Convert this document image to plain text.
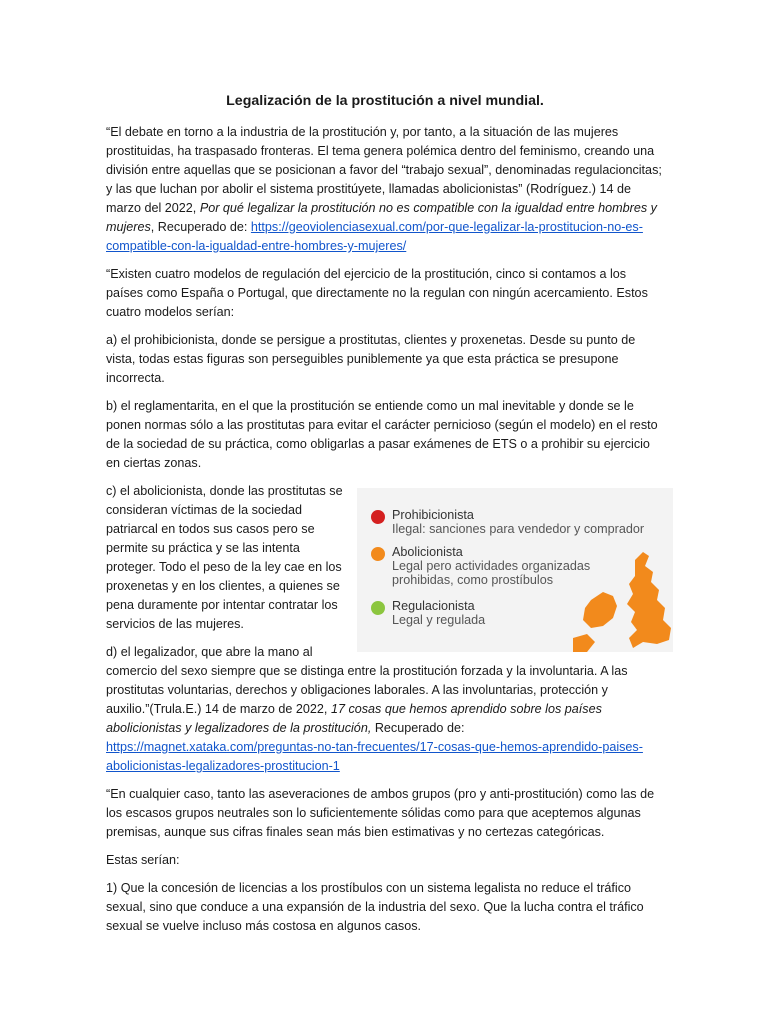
Legalización de la prostitución a nivel mundial.

“El debate en torno a la industria de la prostitución y, por tanto, a la situación de las mujeres prostituidas, ha traspasado fronteras. El tema genera polémica dentro del feminismo, creando una división entre aquellas que se posicionan a favor del “trabajo sexual”, denominadas regulacioncitas; y las que luchan por abolir el sistema prostitúyete, llamadas abolicionistas” (Rodríguez.) 14 de marzo del 2022, Por qué legalizar la prostitución no es compatible con la igualdad entre hombres y mujeres, Recuperado de: https://geoviolenciasexual.com/por-que-legalizar-la-prostitucion-no-es-compatible-con-la-igualdad-entre-hombres-y-mujeres/

“Existen cuatro modelos de regulación del ejercicio de la prostitución, cinco si contamos a los países como España o Portugal, que directamente no la regulan con ningún acercamiento. Estos cuatro modelos serían:

a) el prohibicionista, donde se persigue a prostitutas, clientes y proxenetas. Desde su punto de vista, todas estas figuras son perseguibles puniblemente ya que esta práctica se presupone incorrecta.

b) el reglamentarita, en el que la prostitución se entiende como un mal inevitable y donde se le ponen normas sólo a las prostitutas para evitar el carácter pernicioso (según el modelo) en el resto de la sociedad de su práctica, como obligarlas a pasar exámenes de ETS o a prohibir su ejercicio en ciertas zonas.

Prohibicionista
Ilegal: sanciones para vendedor y comprador
Abolicionista
Legal pero actividades organizadas prohibidas, como prostíbulos
Regulacionista
Legal y regulada

c) el abolicionista, donde las prostitutas se consideran víctimas de la sociedad patriarcal en todos sus casos pero se permite su práctica y se las intenta proteger. Todo el peso de la ley cae en los proxenetas y en los clientes, a quienes se pena duramente por intentar contratar los servicios de las mujeres.

d) el legalizador, que abre la mano al comercio del sexo siempre que se distinga entre la prostitución forzada y la involuntaria. A las prostitutas voluntarias, derechos y obligaciones laborales. A las involuntarias, protección y auxilio.”(Trula.E.) 14 de marzo de 2022, 17 cosas que hemos aprendido sobre los países abolicionistas y legalizadores de la prostitución, Recuperado de: https://magnet.xataka.com/preguntas-no-tan-frecuentes/17-cosas-que-hemos-aprendido-paises-abolicionistas-legalizadores-prostitucion-1

“En cualquier caso, tanto las aseveraciones de ambos grupos (pro y anti-prostitución) como las de los escasos grupos neutrales son lo suficientemente sólidas como para que aceptemos algunas premisas, aunque sus cifras finales sean más bien estimativas y no certezas categóricas.

Estas serían:

1) Que la concesión de licencias a los prostíbulos con un sistema legalista no reduce el tráfico sexual, sino que conduce a una expansión de la industria del sexo. Que la lucha contra el tráfico sexual se vuelve incluso más costosa en algunos casos.
